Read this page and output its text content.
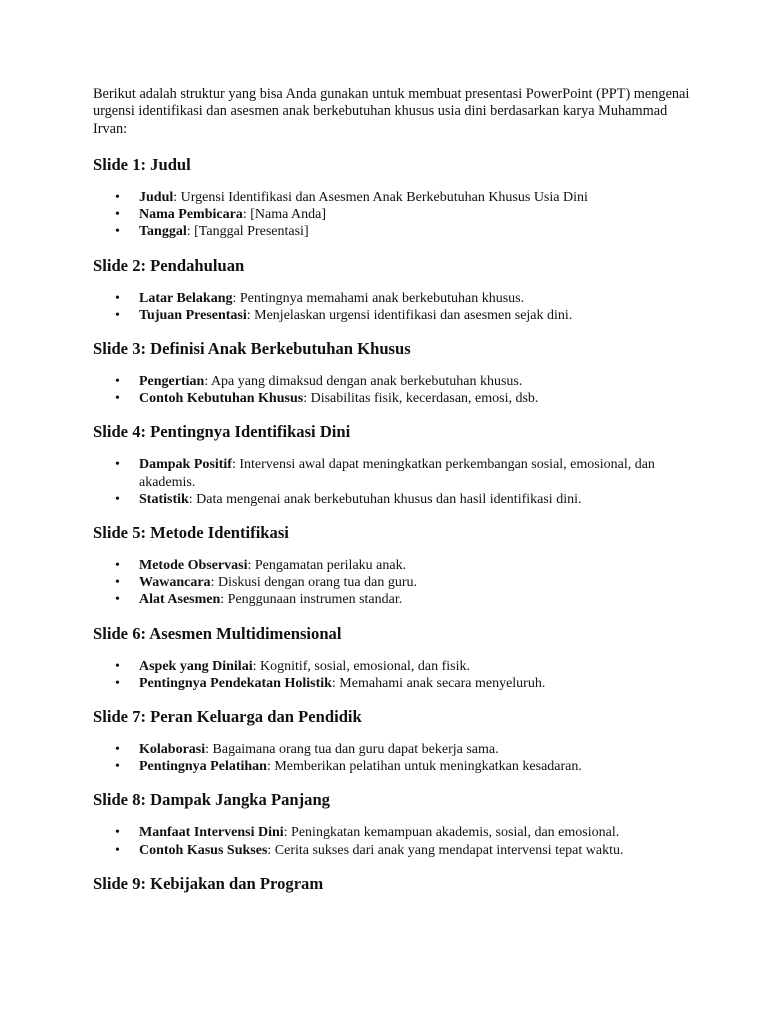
Berikut adalah struktur yang bisa Anda gunakan untuk membuat presentasi PowerPoint (PPT) mengenai urgensi identifikasi dan asesmen anak berkebutuhan khusus usia dini berdasarkan karya Muhammad Irvan:

Slide 1: Judul
• Judul: Urgensi Identifikasi dan Asesmen Anak Berkebutuhan Khusus Usia Dini
• Nama Pembicara: [Nama Anda]
• Tanggal: [Tanggal Presentasi]
Slide 2: Pendahuluan
• Latar Belakang: Pentingnya memahami anak berkebutuhan khusus.
• Tujuan Presentasi: Menjelaskan urgensi identifikasi dan asesmen sejak dini.
Slide 3: Definisi Anak Berkebutuhan Khusus
• Pengertian: Apa yang dimaksud dengan anak berkebutuhan khusus.
• Contoh Kebutuhan Khusus: Disabilitas fisik, kecerdasan, emosi, dsb.
Slide 4: Pentingnya Identifikasi Dini
• Dampak Positif: Intervensi awal dapat meningkatkan perkembangan sosial, emosional, dan akademis.
• Statistik: Data mengenai anak berkebutuhan khusus dan hasil identifikasi dini.
Slide 5: Metode Identifikasi
• Metode Observasi: Pengamatan perilaku anak.
• Wawancara: Diskusi dengan orang tua dan guru.
• Alat Asesmen: Penggunaan instrumen standar.
Slide 6: Asesmen Multidimensional
• Aspek yang Dinilai: Kognitif, sosial, emosional, dan fisik.
• Pentingnya Pendekatan Holistik: Memahami anak secara menyeluruh.
Slide 7: Peran Keluarga dan Pendidik
• Kolaborasi: Bagaimana orang tua dan guru dapat bekerja sama.
• Pentingnya Pelatihan: Memberikan pelatihan untuk meningkatkan kesadaran.
Slide 8: Dampak Jangka Panjang
• Manfaat Intervensi Dini: Peningkatan kemampuan akademis, sosial, dan emosional.
• Contoh Kasus Sukses: Cerita sukses dari anak yang mendapat intervensi tepat waktu.
Slide 9: Kebijakan dan Program
